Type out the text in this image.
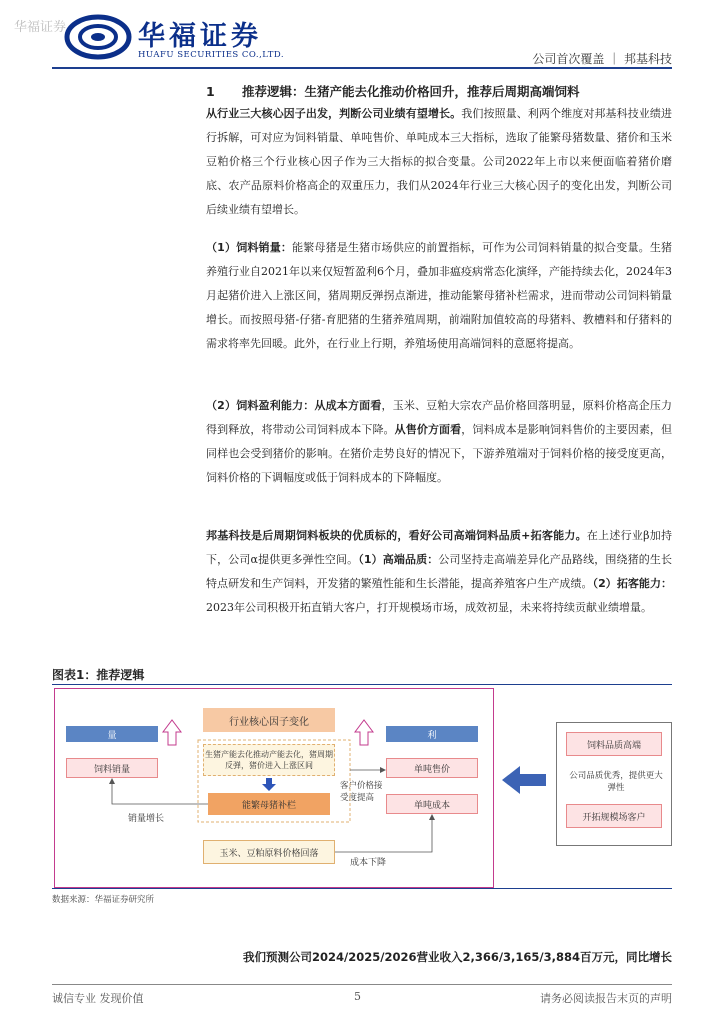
华福证券	华福证券
HUAFU SECURITIES CO.,LTD.	公司首次覆盖 ｜ 邦基科技
1 推荐逻辑：生猪产能去化推动价格回升，推荐后周期高端饲料
从行业三大核心因子出发，判断公司业绩有望增长。我们按照量、利两个维度对邦基科技业绩进行拆解，可对应为饲料销量、单吨售价、单吨成本三大指标，选取了能繁母猪数量、猪价和玉米豆粕价格三个行业核心因子作为三大指标的拟合变量。公司2022年上市以来便面临着猪价磨底、农产品原料价格高企的双重压力，我们从2024年行业三大核心因子的变化出发，判断公司后续业绩有望增长。
（1）饲料销量：能繁母猪是生猪市场供应的前置指标，可作为公司饲料销量的拟合变量。生猪养殖行业自2021年以来仅短暂盈利6个月，叠加非瘟疫病常态化演绎，产能持续去化，2024年3月起猪价进入上涨区间，猪周期反弹拐点渐进，推动能繁母猪补栏需求，进而带动公司饲料销量增长。而按照母猪-仔猪-育肥猪的生猪养殖周期，前端附加值较高的母猪料、教槽料和仔猪料的需求将率先回暖。此外，在行业上行期，养殖场使用高端饲料的意愿将提高。
（2）饲料盈利能力：从成本方面看，玉米、豆粕大宗农产品价格回落明显，原料价格高企压力得到释放，将带动公司饲料成本下降。从售价方面看，饲料成本是影响饲料售价的主要因素，但同样也会受到猪价的影响。在猪价走势良好的情况下，下游养殖端对于饲料价格的接受度更高，饲料价格的下调幅度或低于饲料成本的下降幅度。
邦基科技是后周期饲料板块的优质标的，看好公司高端饲料品质+拓客能力。在上述行业β加持下，公司α提供更多弹性空间。（1）高端品质：公司坚持走高端差异化产品路线，围绕猪的生长特点研发和生产饲料，开发猪的繁殖性能和生长潜能，提高养殖客户生产成绩。（2）拓客能力：2023年公司积极开拓直销大客户，打开规模场市场，成效初显，未来将持续贡献业绩增量。
图表1：推荐逻辑
量
饲料销量
销量增长
行业核心因子变化
生猪产能去化推动产能去化，猪周期反弹，猪价进入上涨区间
能繁母猪补栏
玉米、豆粕原料价格回落
成本下降
客户价格接受度提高
利
单吨售价
单吨成本
饲料品质高端
公司品质优秀，提供更大弹性
开拓规模场客户
数据来源：华福证券研究所
我们预测公司2024/2025/2026营业收入2,366/3,165/3,884百万元，同比增长
诚信专业 发现价值	5	请务必阅读报告末页的声明
